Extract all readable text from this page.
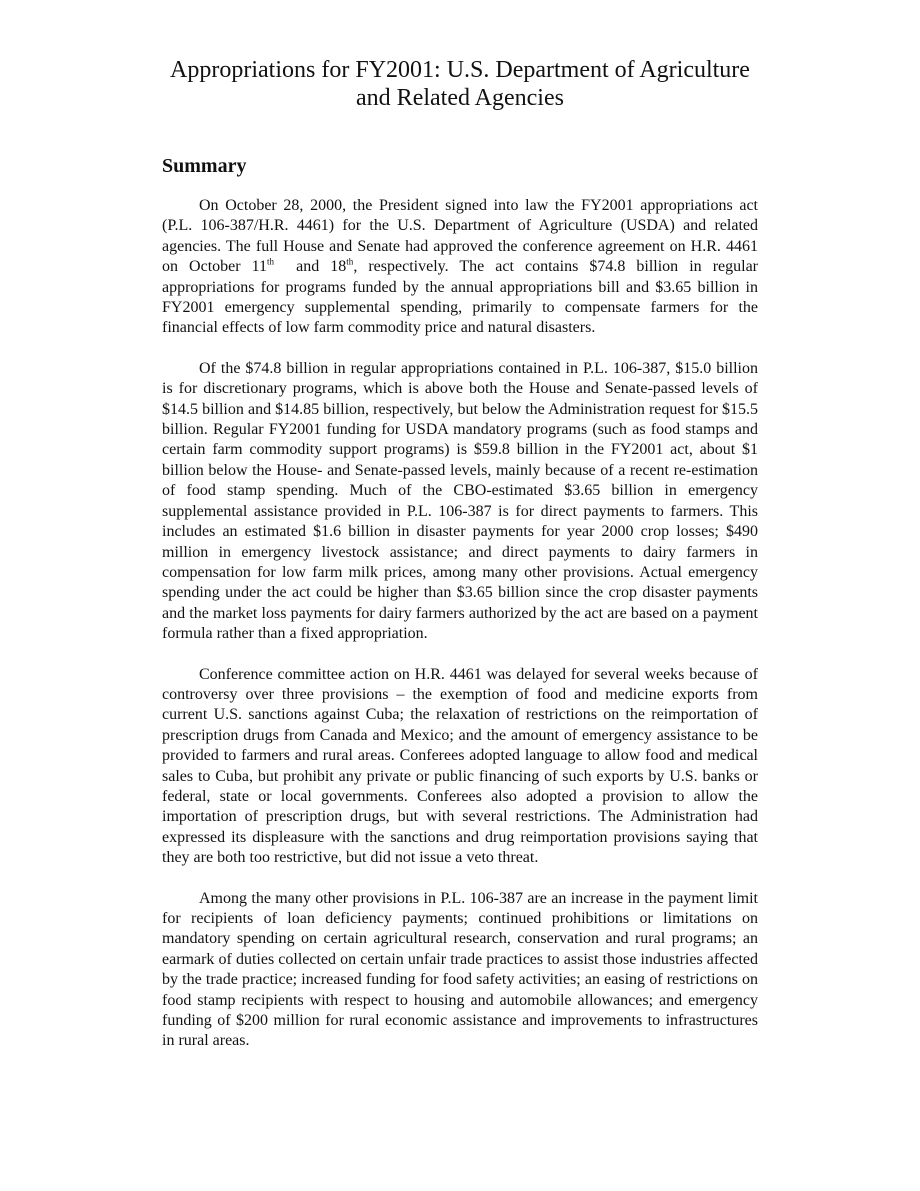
Appropriations for FY2001: U.S. Department of Agriculture
and Related Agencies
Summary

On October 28, 2000, the President signed into law the FY2001 appropriations act (P.L. 106-387/H.R. 4461) for the U.S. Department of Agriculture (USDA) and related agencies. The full House and Senate had approved the conference agreement on H.R. 4461 on October 11th  and 18th, respectively. The act contains $74.8 billion in regular appropriations for programs funded by the annual appropriations bill and $3.65 billion in FY2001 emergency supplemental spending, primarily to compensate farmers for the financial effects of low farm commodity price and natural disasters.

Of the $74.8 billion in regular appropriations contained in P.L. 106-387, $15.0 billion is for discretionary programs, which is above both the House and Senate-passed levels of $14.5 billion and $14.85 billion, respectively, but below the Administration request for $15.5 billion. Regular FY2001 funding for USDA mandatory programs (such as food stamps and certain farm commodity support programs) is $59.8 billion in the FY2001 act, about $1 billion below the House- and Senate-passed levels, mainly because of a recent re-estimation of food stamp spending. Much of the CBO-estimated $3.65 billion in emergency supplemental assistance provided in P.L. 106-387 is for direct payments to farmers. This includes an estimated $1.6 billion in disaster payments for year 2000 crop losses; $490 million in emergency livestock assistance; and direct payments to dairy farmers in compensation for low farm milk prices, among many other provisions. Actual emergency spending under the act could be higher than $3.65 billion since the crop disaster payments and the market loss payments for dairy farmers authorized by the act are based on a payment formula rather than a fixed appropriation.

Conference committee action on H.R. 4461 was delayed for several weeks because of controversy over three provisions – the exemption of food and medicine exports from current U.S. sanctions against Cuba; the relaxation of restrictions on the reimportation of prescription drugs from Canada and Mexico; and the amount of emergency assistance to be provided to farmers and rural areas. Conferees adopted language to allow food and medical sales to Cuba, but prohibit any private or public financing of such exports by U.S. banks or federal, state or local governments. Conferees also adopted a provision to allow the importation of prescription drugs, but with several restrictions. The Administration had expressed its displeasure with the sanctions and drug reimportation provisions saying that they are both too restrictive, but did not issue a veto threat.

Among the many other provisions in P.L. 106-387 are an increase in the payment limit for recipients of loan deficiency payments; continued prohibitions or limitations on mandatory spending on certain agricultural research, conservation and rural programs; an earmark of duties collected on certain unfair trade practices to assist those industries affected by the trade practice; increased funding for food safety activities; an easing of restrictions on food stamp recipients with respect to housing and automobile allowances; and emergency funding of $200 million for rural economic assistance and improvements to infrastructures in rural areas.
